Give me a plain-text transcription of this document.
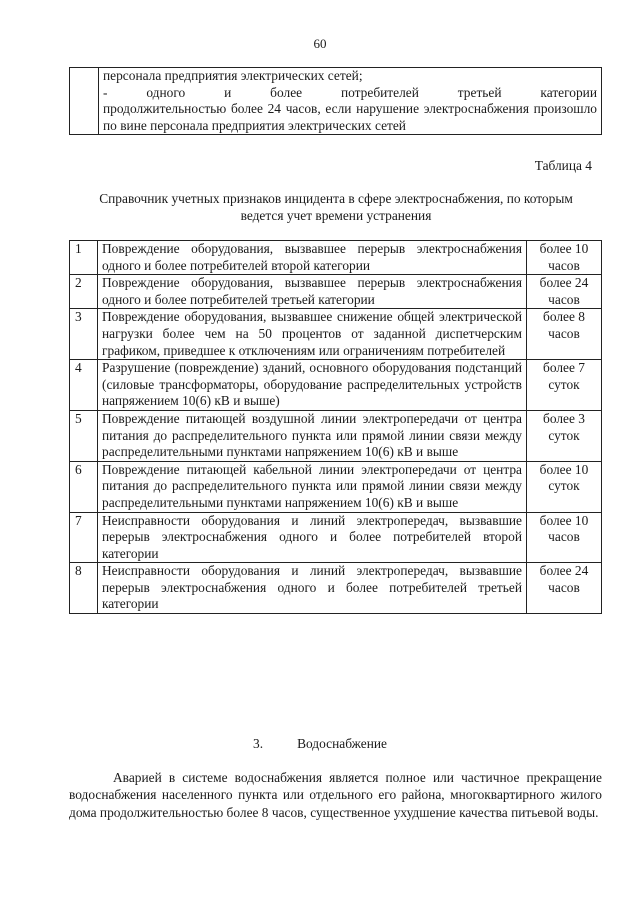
60

персонала предприятия электрических сетей;

- одного и более потребителей третьей категории

продолжительностью более 24 часов, если нарушение электроснабжения произошло по вине персонала предприятия электрических сетей

Таблица 4
Справочник учетных признаков инцидента в сфере электроснабжения, по которым ведется учет времени устранения
1	Повреждение оборудования, вызвавшее перерыв электроснабжения одного и более потребителей второй категории	более 10
часов
2	Повреждение оборудования, вызвавшее перерыв электроснабжения одного и более потребителей третьей категории	более 24
часов
3	Повреждение оборудования, вызвавшее снижение общей электрической нагрузки более чем на 50 процентов от заданной диспетчерским графиком, приведшее к отключениям или ограничениям потребителей	более 8
часов
4	Разрушение (повреждение) зданий, основного оборудования подстанций (силовые трансформаторы, оборудование распределительных устройств напряжением 10(6) кВ и выше)	более 7
суток
5	Повреждение питающей воздушной линии электропередачи от центра питания до распределительного пункта или прямой линии связи между распределительными пунктами напряжением 10(6) кВ и выше	более 3
суток
6	Повреждение питающей кабельной линии электропередачи от центра питания до распределительного пункта или прямой линии связи между распределительными пунктами напряжением 10(6) кВ и выше	более 10
суток
7	Неисправности оборудования и линий электропередач, вызвавшие перерыв электроснабжения одного и более потребителей второй категории	более 10
часов
8	Неисправности оборудования и линий электропередач, вызвавшие перерыв электроснабжения одного и более потребителей третьей категории	более 24
часов
3.	Водоснабжение

Аварией в системе водоснабжения является полное или частичное прекращение водоснабжения населенного пункта или отдельного его района, многоквартирного жилого дома продолжительностью более 8 часов, существенное ухудшение качества питьевой воды.
